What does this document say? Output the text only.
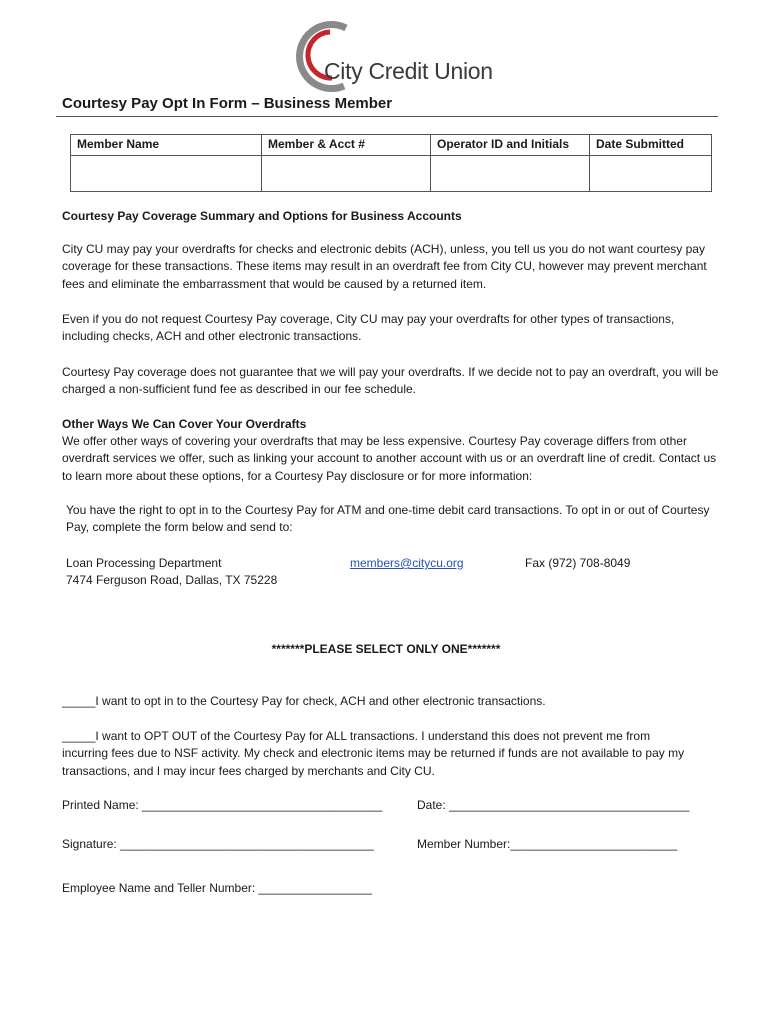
City Credit Union
Courtesy Pay Opt In Form – Business Member
Member Name	Member & Acct #	Operator ID and Initials	Date Submitted

Courtesy Pay Coverage Summary and Options for Business Accounts
City CU may pay your overdrafts for checks and electronic debits (ACH), unless, you tell us you do not want courtesy pay coverage for these transactions. These items may result in an overdraft fee from City CU, however may prevent merchant fees and eliminate the embarrassment that would be caused by a returned item.
Even if you do not request Courtesy Pay coverage, City CU may pay your overdrafts for other types of transactions, including checks, ACH and other electronic transactions.
Courtesy Pay coverage does not guarantee that we will pay your overdrafts. If we decide not to pay an overdraft, you will be charged a non-sufficient fund fee as described in our fee schedule.
Other Ways We Can Cover Your Overdrafts
We offer other ways of covering your overdrafts that may be less expensive. Courtesy Pay coverage differs from other overdraft services we offer, such as linking your account to another account with us or an overdraft line of credit. Contact us to learn more about these options, for a Courtesy Pay disclosure or for more information:
You have the right to opt in to the Courtesy Pay for ATM and one-time debit card transactions. To opt in or out of Courtesy Pay, complete the form below and send to:
Loan Processing Department
7474 Ferguson Road, Dallas, TX 75228
members@citycu.org	Fax (972) 708-8049
*******PLEASE SELECT ONLY ONE*******
_____I want to opt in to the Courtesy Pay for check, ACH and other electronic transactions.
_____I want to OPT OUT of the Courtesy Pay for ALL transactions. I understand this does not prevent me from incurring fees due to NSF activity. My check and electronic items may be returned if funds are not available to pay my transactions, and I may incur fees charged by merchants and City CU.
Printed Name: ____________________________________	Date: ____________________________________
Signature: ______________________________________	Member Number:_________________________
Employee Name and Teller Number: _________________
